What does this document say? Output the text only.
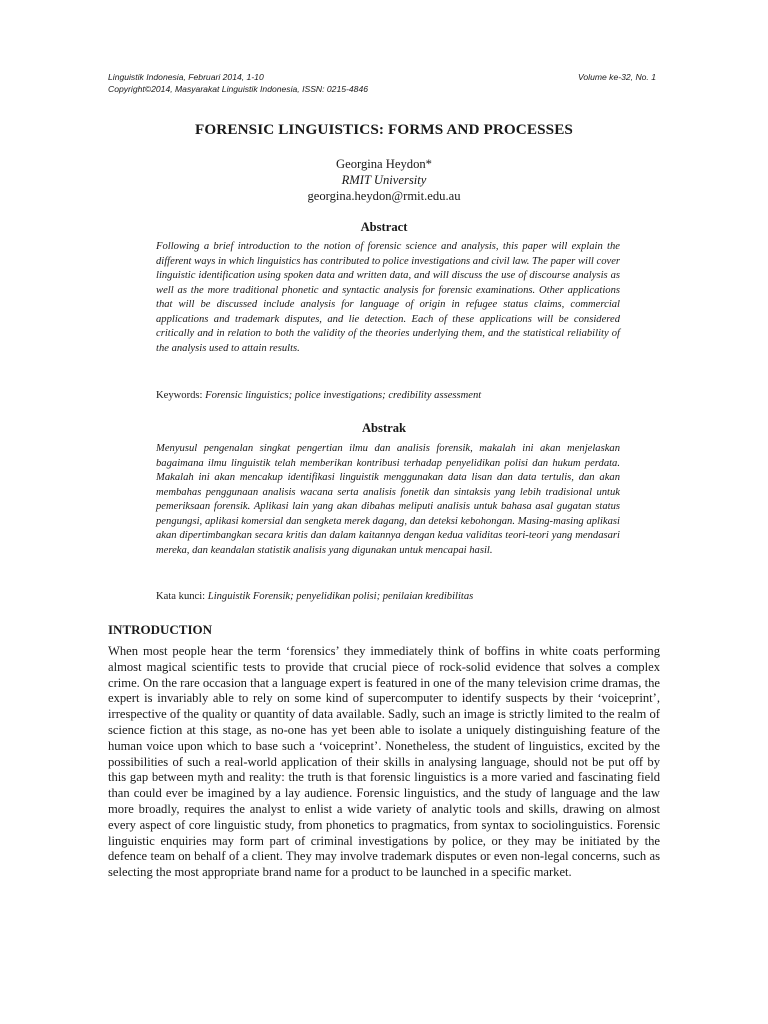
Linguistik Indonesia, Februari 2014, 1-10	Volume ke-32, No. 1
Copyright©2014, Masyarakat Linguistik Indonesia, ISSN: 0215-4846
FORENSIC LINGUISTICS: FORMS AND PROCESSES
Georgina Heydon*
RMIT University
georgina.heydon@rmit.edu.au
Abstract
Following a brief introduction to the notion of forensic science and analysis, this paper will explain the different ways in which linguistics has contributed to police investigations and civil law. The paper will cover linguistic identification using spoken data and written data, and will discuss the use of discourse analysis as well as the more traditional phonetic and syntactic analysis for forensic examinations. Other applications that will be discussed include analysis for language of origin in refugee status claims, commercial applications and trademark disputes, and lie detection. Each of these applications will be considered critically and in relation to both the validity of the theories underlying them, and the statistical reliability of the analysis used to attain results.
Keywords: Forensic linguistics; police investigations; credibility assessment
Abstrak
Menyusul pengenalan singkat pengertian ilmu dan analisis forensik, makalah ini akan menjelaskan bagaimana ilmu linguistik telah memberikan kontribusi terhadap penyelidikan polisi dan hukum perdata. Makalah ini akan mencakup identifikasi linguistik menggunakan data lisan dan data tertulis, dan akan membahas penggunaan analisis wacana serta analisis fonetik dan sintaksis yang lebih tradisional untuk pemeriksaan forensik. Aplikasi lain yang akan dibahas meliputi analisis untuk bahasa asal gugatan status pengungsi, aplikasi komersial dan sengketa merek dagang, dan deteksi kebohongan. Masing-masing aplikasi akan dipertimbangkan secara kritis dan dalam kaitannya dengan kedua validitas teori-teori yang mendasari mereka, dan keandalan statistik analisis yang digunakan untuk mencapai hasil.
Kata kunci: Linguistik Forensik; penyelidikan polisi; penilaian kredibilitas
INTRODUCTION
When most people hear the term ‘forensics’ they immediately think of boffins in white coats performing almost magical scientific tests to provide that crucial piece of rock-solid evidence that solves a complex crime. On the rare occasion that a language expert is featured in one of the many television crime dramas, the expert is invariably able to rely on some kind of supercomputer to identify suspects by their ‘voiceprint’, irrespective of the quality or quantity of data available. Sadly, such an image is strictly limited to the realm of science fiction at this stage, as no-one has yet been able to isolate a uniquely distinguishing feature of the human voice upon which to base such a ‘voiceprint’. Nonetheless, the student of linguistics, excited by the possibilities of such a real-world application of their skills in analysing language, should not be put off by this gap between myth and reality: the truth is that forensic linguistics is a more varied and fascinating field than could ever be imagined by a lay audience. Forensic linguistics, and the study of language and the law more broadly, requires the analyst to enlist a wide variety of analytic tools and skills, drawing on almost every aspect of core linguistic study, from phonetics to pragmatics, from syntax to sociolinguistics. Forensic linguistic enquiries may form part of criminal investigations by police, or they may be initiated by the defence team on behalf of a client. They may involve trademark disputes or even non-legal concerns, such as selecting the most appropriate brand name for a product to be launched in a specific market.
